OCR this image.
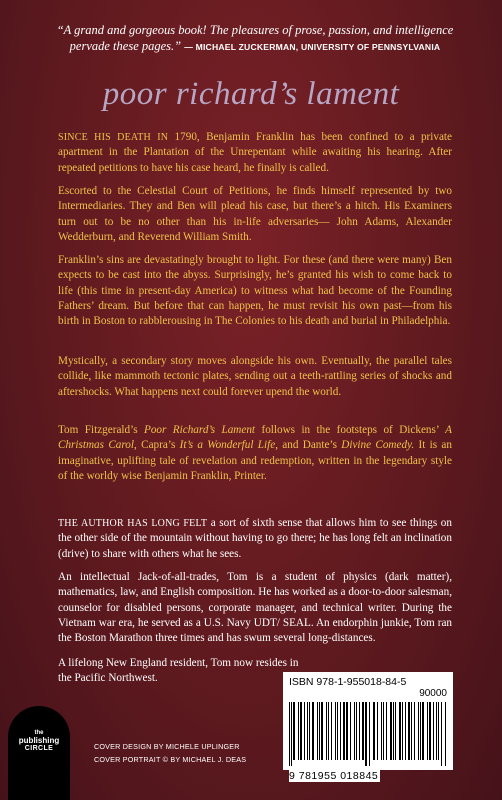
“A grand and gorgeous book! The pleasures of prose, passion, and intelligence pervade these pages.” — MICHAEL ZUCKERMAN, UNIVERSITY OF PENNSYLVANIA
poor richard’s lament

SINCE HIS DEATH IN 1790, Benjamin Franklin has been confined to a private apartment in the Plantation of the Unrepentant while awaiting his hearing. After repeated petitions to have his case heard, he finally is called.

Escorted to the Celestial Court of Petitions, he finds himself represented by two Intermediaries. They and Ben will plead his case, but there’s a hitch. His Examiners turn out to be no other than his in-life adversaries— John Adams, Alexander Wedderburn, and Reverend William Smith.

Franklin’s sins are devastatingly brought to light. For these (and there were many) Ben expects to be cast into the abyss. Surprisingly, he’s granted his wish to come back to life (this time in present-day America) to witness what had become of the Founding Fathers’ dream. But before that can happen, he must revisit his own past—from his birth in Boston to rabblerousing in The Colonies to his death and burial in Philadelphia.

Mystically, a secondary story moves alongside his own. Eventually, the parallel tales collide, like mammoth tectonic plates, sending out a teeth-rattling series of shocks and aftershocks. What happens next could forever upend the world.

Tom Fitzgerald’s Poor Richard’s Lament follows in the footsteps of Dickens’ A Christmas Carol, Capra’s It’s a Wonderful Life, and Dante’s Divine Comedy. It is an imaginative, uplifting tale of revelation and redemption, written in the legendary style of the worldy wise Benjamin Franklin, Printer.

THE AUTHOR HAS LONG FELT a sort of sixth sense that allows him to see things on the other side of the mountain without having to go there; he has long felt an inclination (drive) to share with others what he sees.

An intellectual Jack-of-all-trades, Tom is a student of physics (dark matter), mathematics, law, and English composition. He has worked as a door-to-door salesman, counselor for disabled persons, corporate manager, and technical writer. During the Vietnam war era, he served as a U.S. Navy UDT/ SEAL. An endorphin junkie, Tom ran the Boston Marathon three times and has swum several long-distances.

A lifelong New England resident, Tom now resides in the Pacific Northwest.

the
publishing
CIRCLE	COVER DESIGN BY MICHELE UPLINGER
COVER PORTRAIT © BY MICHAEL J. DEAS
ISBN 978-1-955018-84-5
90000
9 781955 018845
